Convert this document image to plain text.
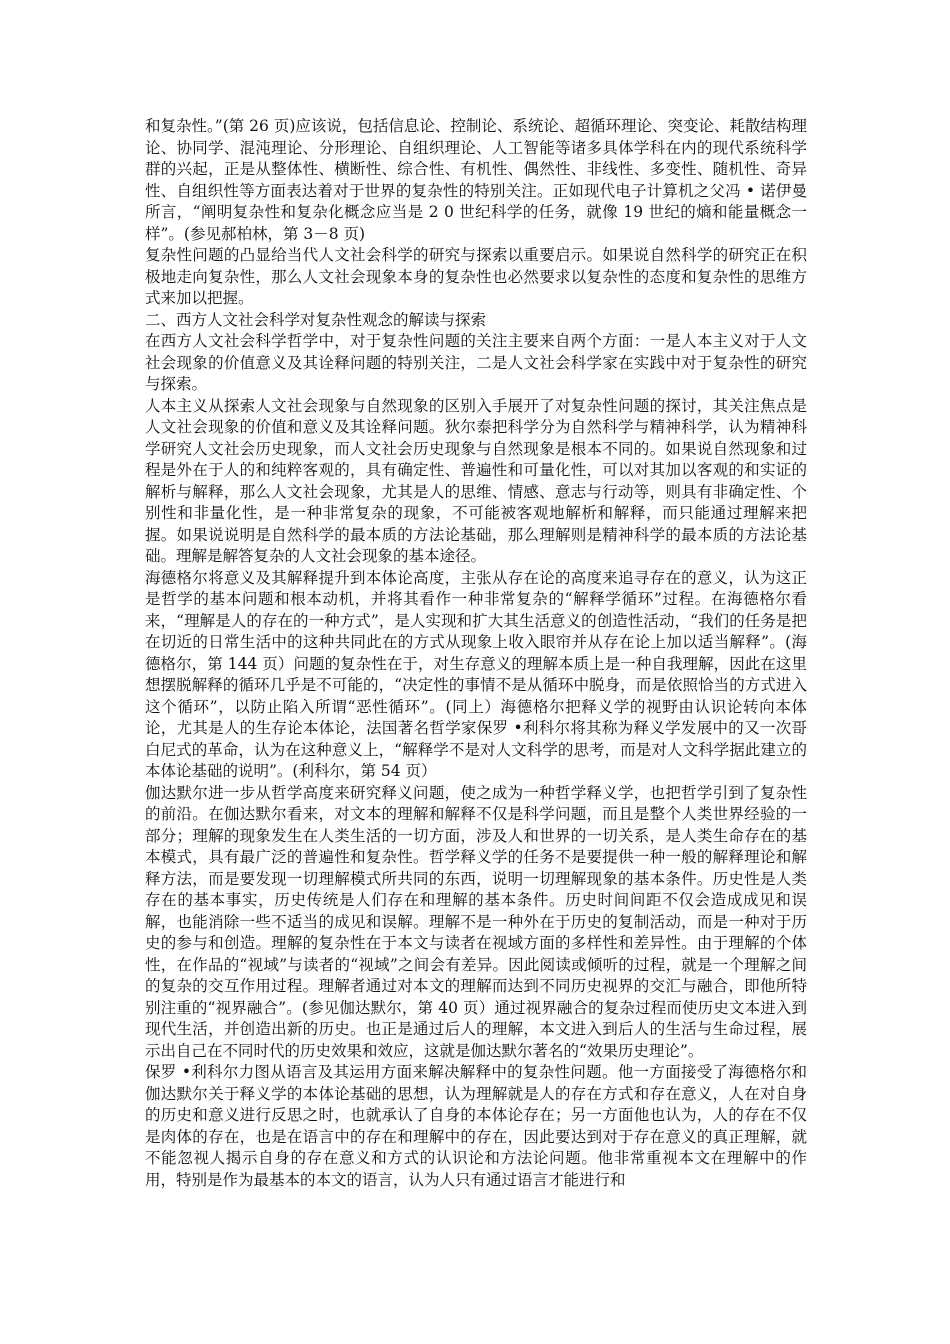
和复杂性。”(第 26 页)应该说，包括信息论、控制论、系统论、超循环理论、突变论、耗散结构理论、协同学、混沌理论、分形理论、自组织理论、人工智能等诸多具体学科在内的现代系统科学群的兴起，正是从整体性、横断性、综合性、有机性、偶然性、非线性、多变性、随机性、奇异性、自组织性等方面表达着对于世界的复杂性的特别关注。正如现代电子计算机之父冯 • 诺伊曼所言，“阐明复杂性和复杂化概念应当是 2 0 世纪科学的任务，就像 19 世纪的熵和能量概念一样”。(参见郝柏林，第 3－8 页)

复杂性问题的凸显给当代人文社会科学的研究与探索以重要启示。如果说自然科学的研究正在积极地走向复杂性，那么人文社会现象本身的复杂性也必然要求以复杂性的态度和复杂性的思维方式来加以把握。

二、西方人文社会科学对复杂性观念的解读与探索

在西方人文社会科学哲学中，对于复杂性问题的关注主要来自两个方面：一是人本主义对于人文社会现象的价值意义及其诠释问题的特别关注，二是人文社会科学家在实践中对于复杂性的研究与探索。

人本主义从探索人文社会现象与自然现象的区别入手展开了对复杂性问题的探讨，其关注焦点是人文社会现象的价值和意义及其诠释问题。狄尔泰把科学分为自然科学与精神科学，认为精神科学研究人文社会历史现象，而人文社会历史现象与自然现象是根本不同的。如果说自然现象和过程是外在于人的和纯粹客观的，具有确定性、普遍性和可量化性，可以对其加以客观的和实证的解析与解释，那么人文社会现象，尤其是人的思维、情感、意志与行动等，则具有非确定性、个别性和非量化性，是一种非常复杂的现象，不可能被客观地解析和解释，而只能通过理解来把握。如果说说明是自然科学的最本质的方法论基础，那么理解则是精神科学的最本质的方法论基础。理解是解答复杂的人文社会现象的基本途径。

海德格尔将意义及其解释提升到本体论高度，主张从存在论的高度来追寻存在的意义，认为这正是哲学的基本问题和根本动机，并将其看作一种非常复杂的“解释学循环”过程。在海德格尔看来，“理解是人的存在的一种方式”，是人实现和扩大其生活意义的创造性活动，“我们的任务是把在切近的日常生活中的这种共同此在的方式从现象上收入眼帘并从存在论上加以适当解释”。(海德格尔，第 144 页）问题的复杂性在于，对生存意义的理解本质上是一种自我理解，因此在这里想摆脱解释的循环几乎是不可能的，“决定性的事情不是从循环中脱身，而是依照恰当的方式进入这个循环”，以防止陷入所谓“恶性循环”。(同上）海德格尔把释义学的视野由认识论转向本体论，尤其是人的生存论本体论，法国著名哲学家保罗 •利科尔将其称为释义学发展中的又一次哥白尼式的革命，认为在这种意义上，“解释学不是对人文科学的思考，而是对人文科学据此建立的本体论基础的说明”。(利科尔，第 54 页）

伽达默尔进一步从哲学高度来研究释义问题，使之成为一种哲学释义学，也把哲学引到了复杂性的前沿。在伽达默尔看来，对文本的理解和解释不仅是科学问题，而且是整个人类世界经验的一部分；理解的现象发生在人类生活的一切方面，涉及人和世界的一切关系，是人类生命存在的基本模式，具有最广泛的普遍性和复杂性。哲学释义学的任务不是要提供一种一般的解释理论和解释方法，而是要发现一切理解模式所共同的东西，说明一切理解现象的基本条件。历史性是人类存在的基本事实，历史传统是人们存在和理解的基本条件。历史时间间距不仅会造成成见和误解，也能消除一些不适当的成见和误解。理解不是一种外在于历史的复制活动，而是一种对于历史的参与和创造。理解的复杂性在于本文与读者在视域方面的多样性和差异性。由于理解的个体性，在作品的“视域”与读者的“视域”之间会有差异。因此阅读或倾听的过程，就是一个理解之间的复杂的交互作用过程。理解者通过对本文的理解而达到不同历史视界的交汇与融合，即他所特别注重的“视界融合”。(参见伽达默尔，第 40 页）通过视界融合的复杂过程而使历史文本进入到现代生活，并创造出新的历史。也正是通过后人的理解，本文进入到后人的生活与生命过程，展示出自己在不同时代的历史效果和效应，这就是伽达默尔著名的“效果历史理论”。

保罗 •利科尔力图从语言及其运用方面来解决解释中的复杂性问题。他一方面接受了海德格尔和伽达默尔关于释义学的本体论基础的思想，认为理解就是人的存在方式和存在意义，人在对自身的历史和意义进行反思之时，也就承认了自身的本体论存在；另一方面他也认为，人的存在不仅是肉体的存在，也是在语言中的存在和理解中的存在，因此要达到对于存在意义的真正理解，就不能忽视人揭示自身的存在意义和方式的认识论和方法论问题。他非常重视本文在理解中的作用，特别是作为最基本的本文的语言，认为人只有通过语言才能进行和
